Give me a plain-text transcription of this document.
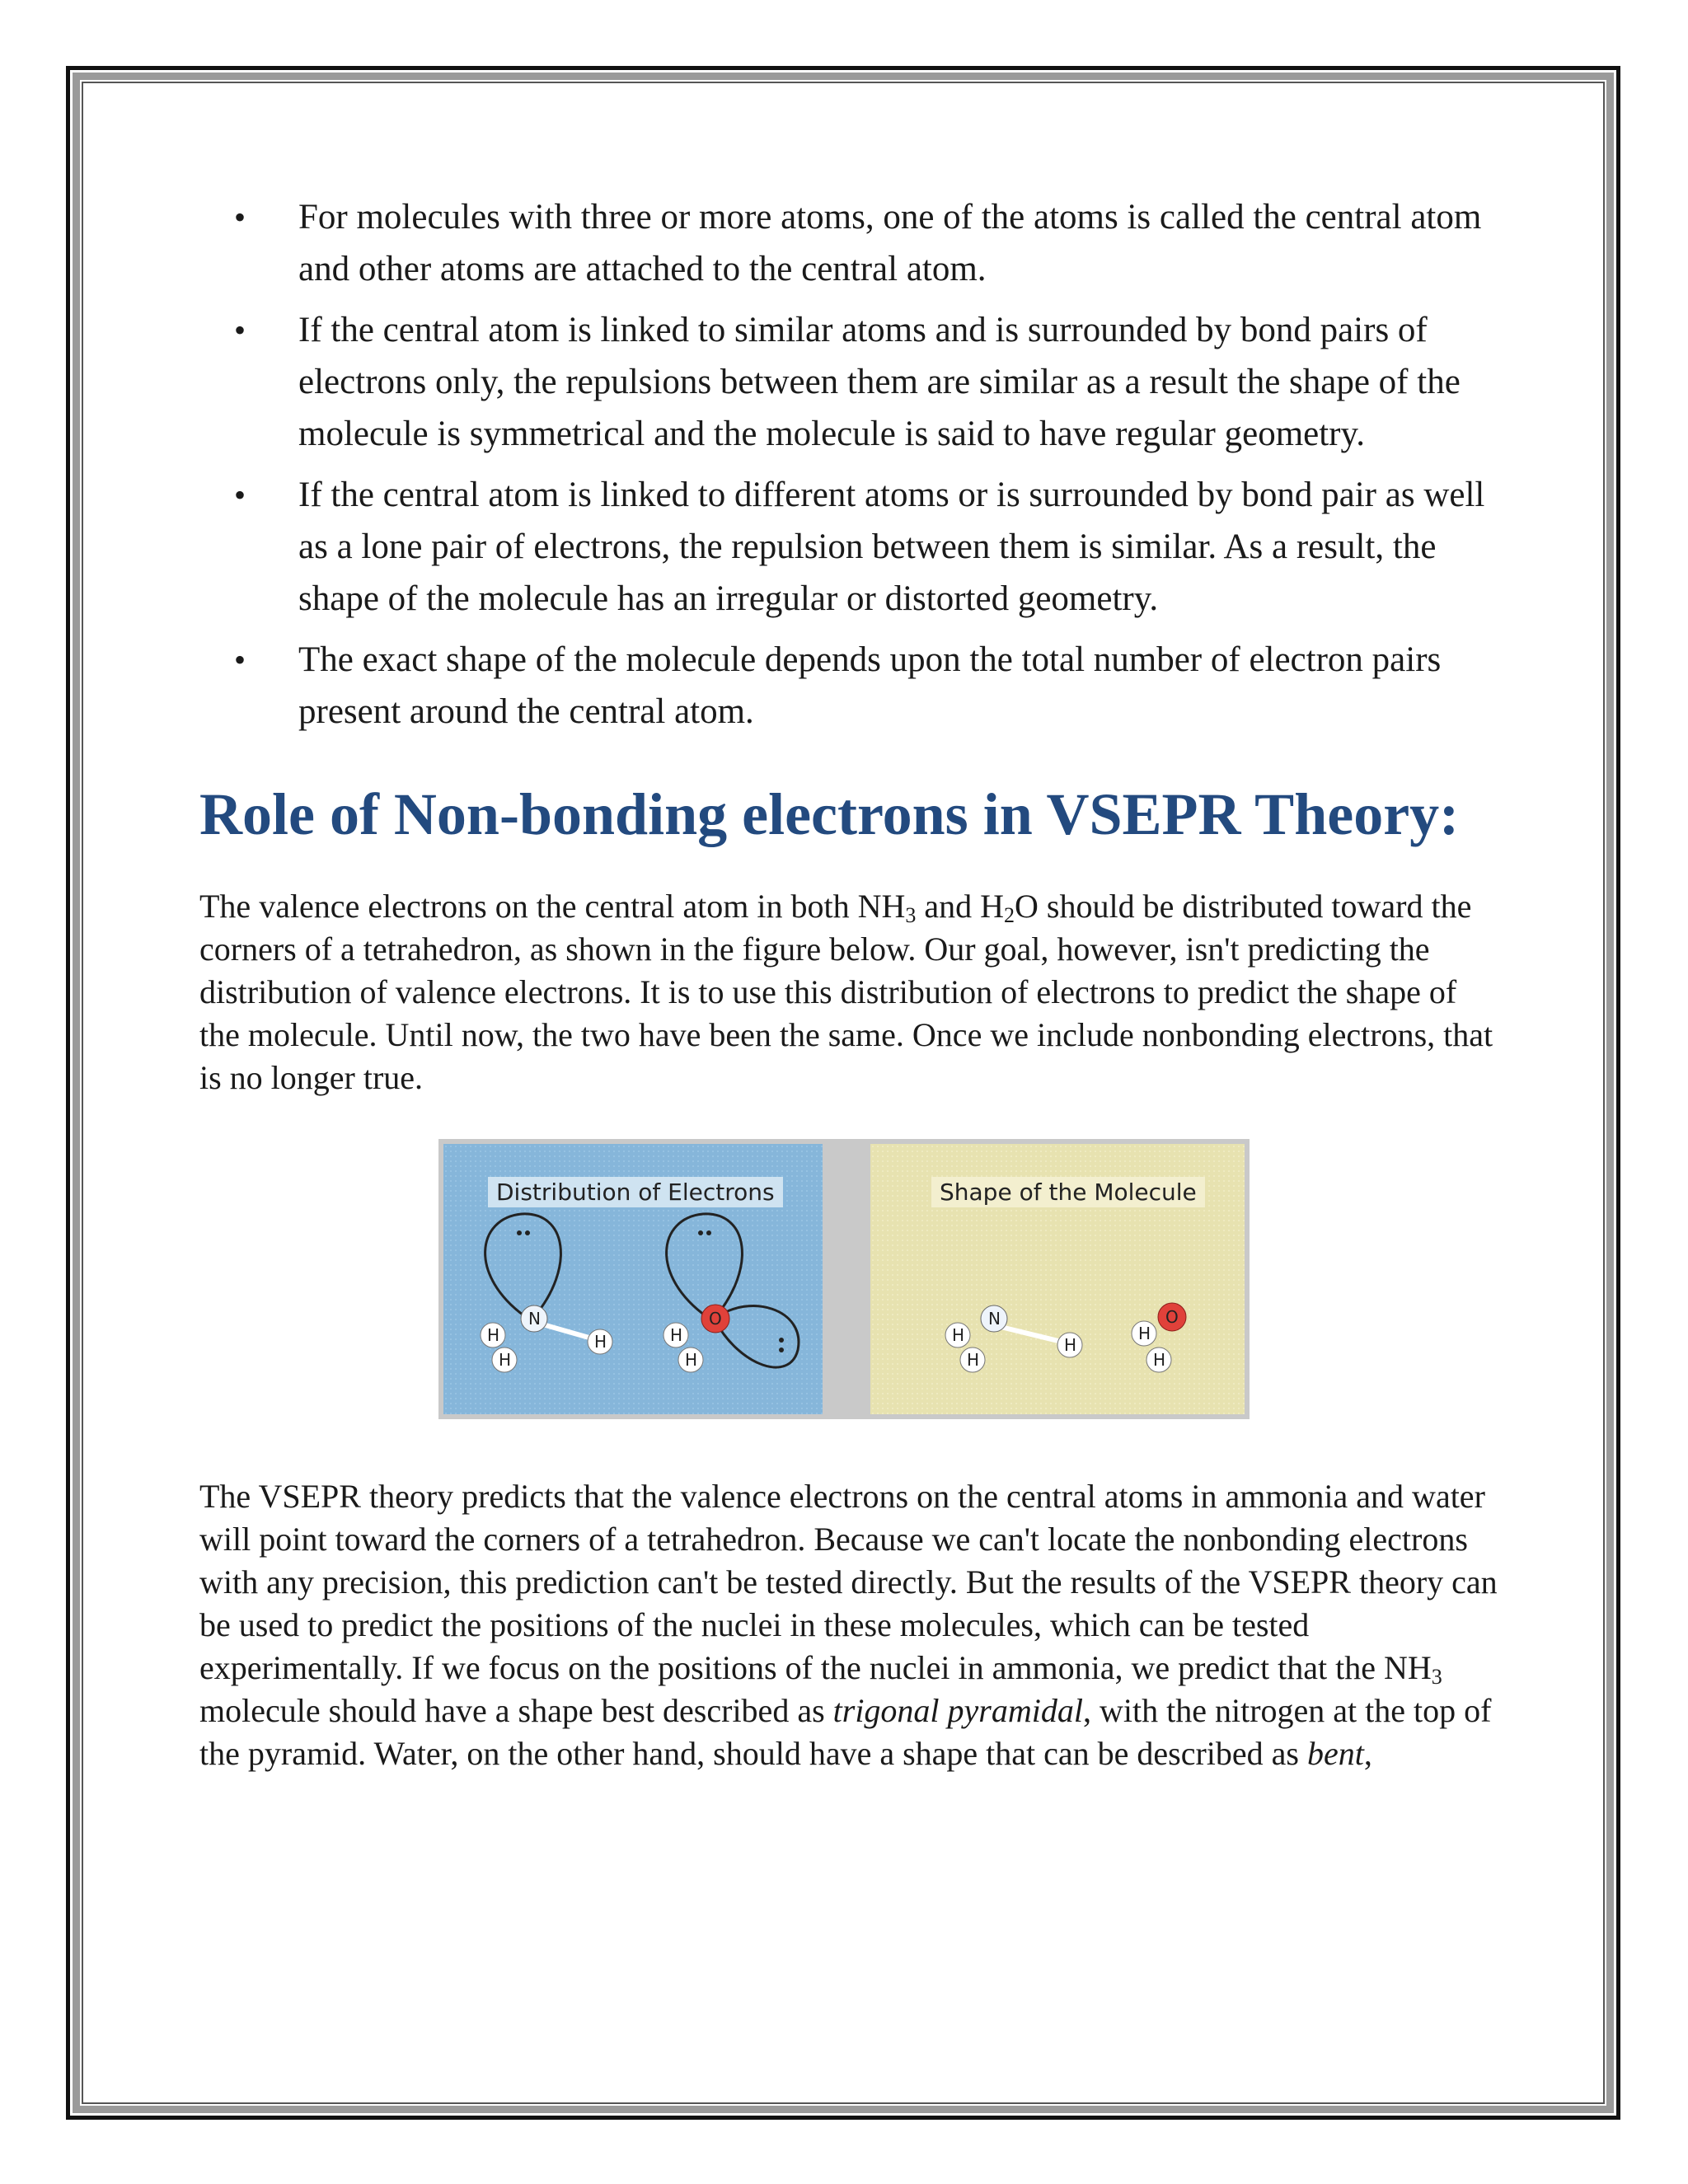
• For molecules with three or more atoms, one of the atoms is called the central atom and other atoms are attached to the central atom.
• If the central atom is linked to similar atoms and is surrounded by bond pairs of electrons only, the repulsions between them are similar as a result the shape of the molecule is symmetrical and the molecule is said to have regular geometry.
• If the central atom is linked to different atoms or is surrounded by bond pair as well as a lone pair of electrons, the repulsion between them is similar. As a result, the shape of the molecule has an irregular or distorted geometry.
• The exact shape of the molecule depends upon the total number of electron pairs present around the central atom.
Role of Non-bonding electrons in VSEPR Theory:

The valence electrons on the central atom in both $NH_3$ and $H_2O$ should be distributed toward the corners of a tetrahedron, as shown in the figure below. Our goal, however, isn't predicting the distribution of valence electrons. It is to use this distribution of electrons to predict the shape of the molecule. Until now, the two have been the same. Once we include nonbonding electrons, that is no longer true.

Distribution of Electrons
N
H	H
H
O
H
H
Shape of the Molecule
N
H	H
H
O
H
H

The VSEPR theory predicts that the valence electrons on the central atoms in ammonia and water will point toward the corners of a tetrahedron. Because we can't locate the nonbonding electrons with any precision, this prediction can't be tested directly. But the results of the VSEPR theory can be used to predict the positions of the nuclei in these molecules, which can be tested experimentally. If we focus on the positions of the nuclei in ammonia, we predict that the $NH_3$ molecule should have a shape best described as trigonal pyramidal, with the nitrogen at the top of the pyramid. Water, on the other hand, should have a shape that can be described as bent,
